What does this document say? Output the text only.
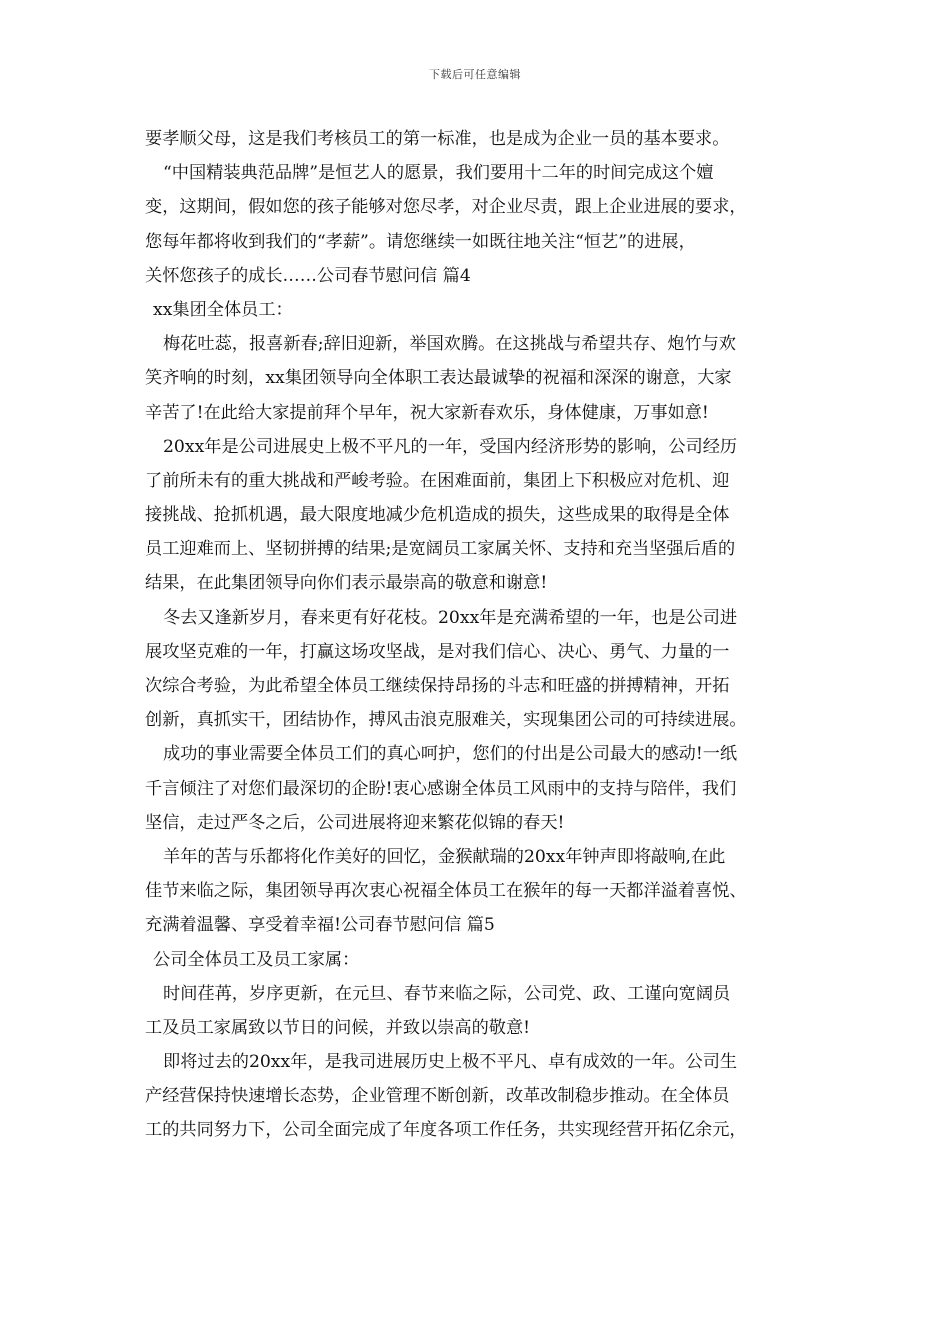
下载后可任意编辑
要孝顺父母，这是我们考核员工的第一标准，也是成为企业一员的基本要求。
“中国精装典范品牌”是恒艺人的愿景，我们要用十二年的时间完成这个嬗
变，这期间，假如您的孩子能够对您尽孝，对企业尽责，跟上企业进展的要求，
您每年都将收到我们的“孝薪”。请您继续一如既往地关注“恒艺”的进展，
关怀您孩子的成长……公司春节慰问信 篇4
xx集团全体员工：
梅花吐蕊，报喜新春;辞旧迎新，举国欢腾。在这挑战与希望共存、炮竹与欢
笑齐响的时刻，xx集团领导向全体职工表达最诚挚的祝福和深深的谢意，大家
辛苦了!在此给大家提前拜个早年，祝大家新春欢乐，身体健康，万事如意!
20xx年是公司进展史上极不平凡的一年，受国内经济形势的影响，公司经历
了前所未有的重大挑战和严峻考验。在困难面前，集团上下积极应对危机、迎
接挑战、抢抓机遇，最大限度地减少危机造成的损失，这些成果的取得是全体
员工迎难而上、坚韧拼搏的结果;是宽阔员工家属关怀、支持和充当坚强后盾的
结果，在此集团领导向你们表示最崇高的敬意和谢意!
冬去又逢新岁月，春来更有好花枝。20xx年是充满希望的一年，也是公司进
展攻坚克难的一年，打赢这场攻坚战，是对我们信心、决心、勇气、力量的一
次综合考验，为此希望全体员工继续保持昂扬的斗志和旺盛的拼搏精神，开拓
创新，真抓实干，团结协作，搏风击浪克服难关，实现集团公司的可持续进展。
成功的事业需要全体员工们的真心呵护，您们的付出是公司最大的感动!一纸
千言倾注了对您们最深切的企盼!衷心感谢全体员工风雨中的支持与陪伴，我们
坚信，走过严冬之后，公司进展将迎来繁花似锦的春天!
羊年的苦与乐都将化作美好的回忆，金猴献瑞的20xx年钟声即将敲响,在此
佳节来临之际，集团领导再次衷心祝福全体员工在猴年的每一天都洋溢着喜悦、
充满着温馨、享受着幸福!公司春节慰问信 篇5
公司全体员工及员工家属：
时间荏苒，岁序更新，在元旦、春节来临之际，公司党、政、工谨向宽阔员
工及员工家属致以节日的问候，并致以崇高的敬意!
即将过去的20xx年，是我司进展历史上极不平凡、卓有成效的一年。公司生
产经营保持快速增长态势，企业管理不断创新，改革改制稳步推动。在全体员
工的共同努力下，公司全面完成了年度各项工作任务，共实现经营开拓亿余元，
